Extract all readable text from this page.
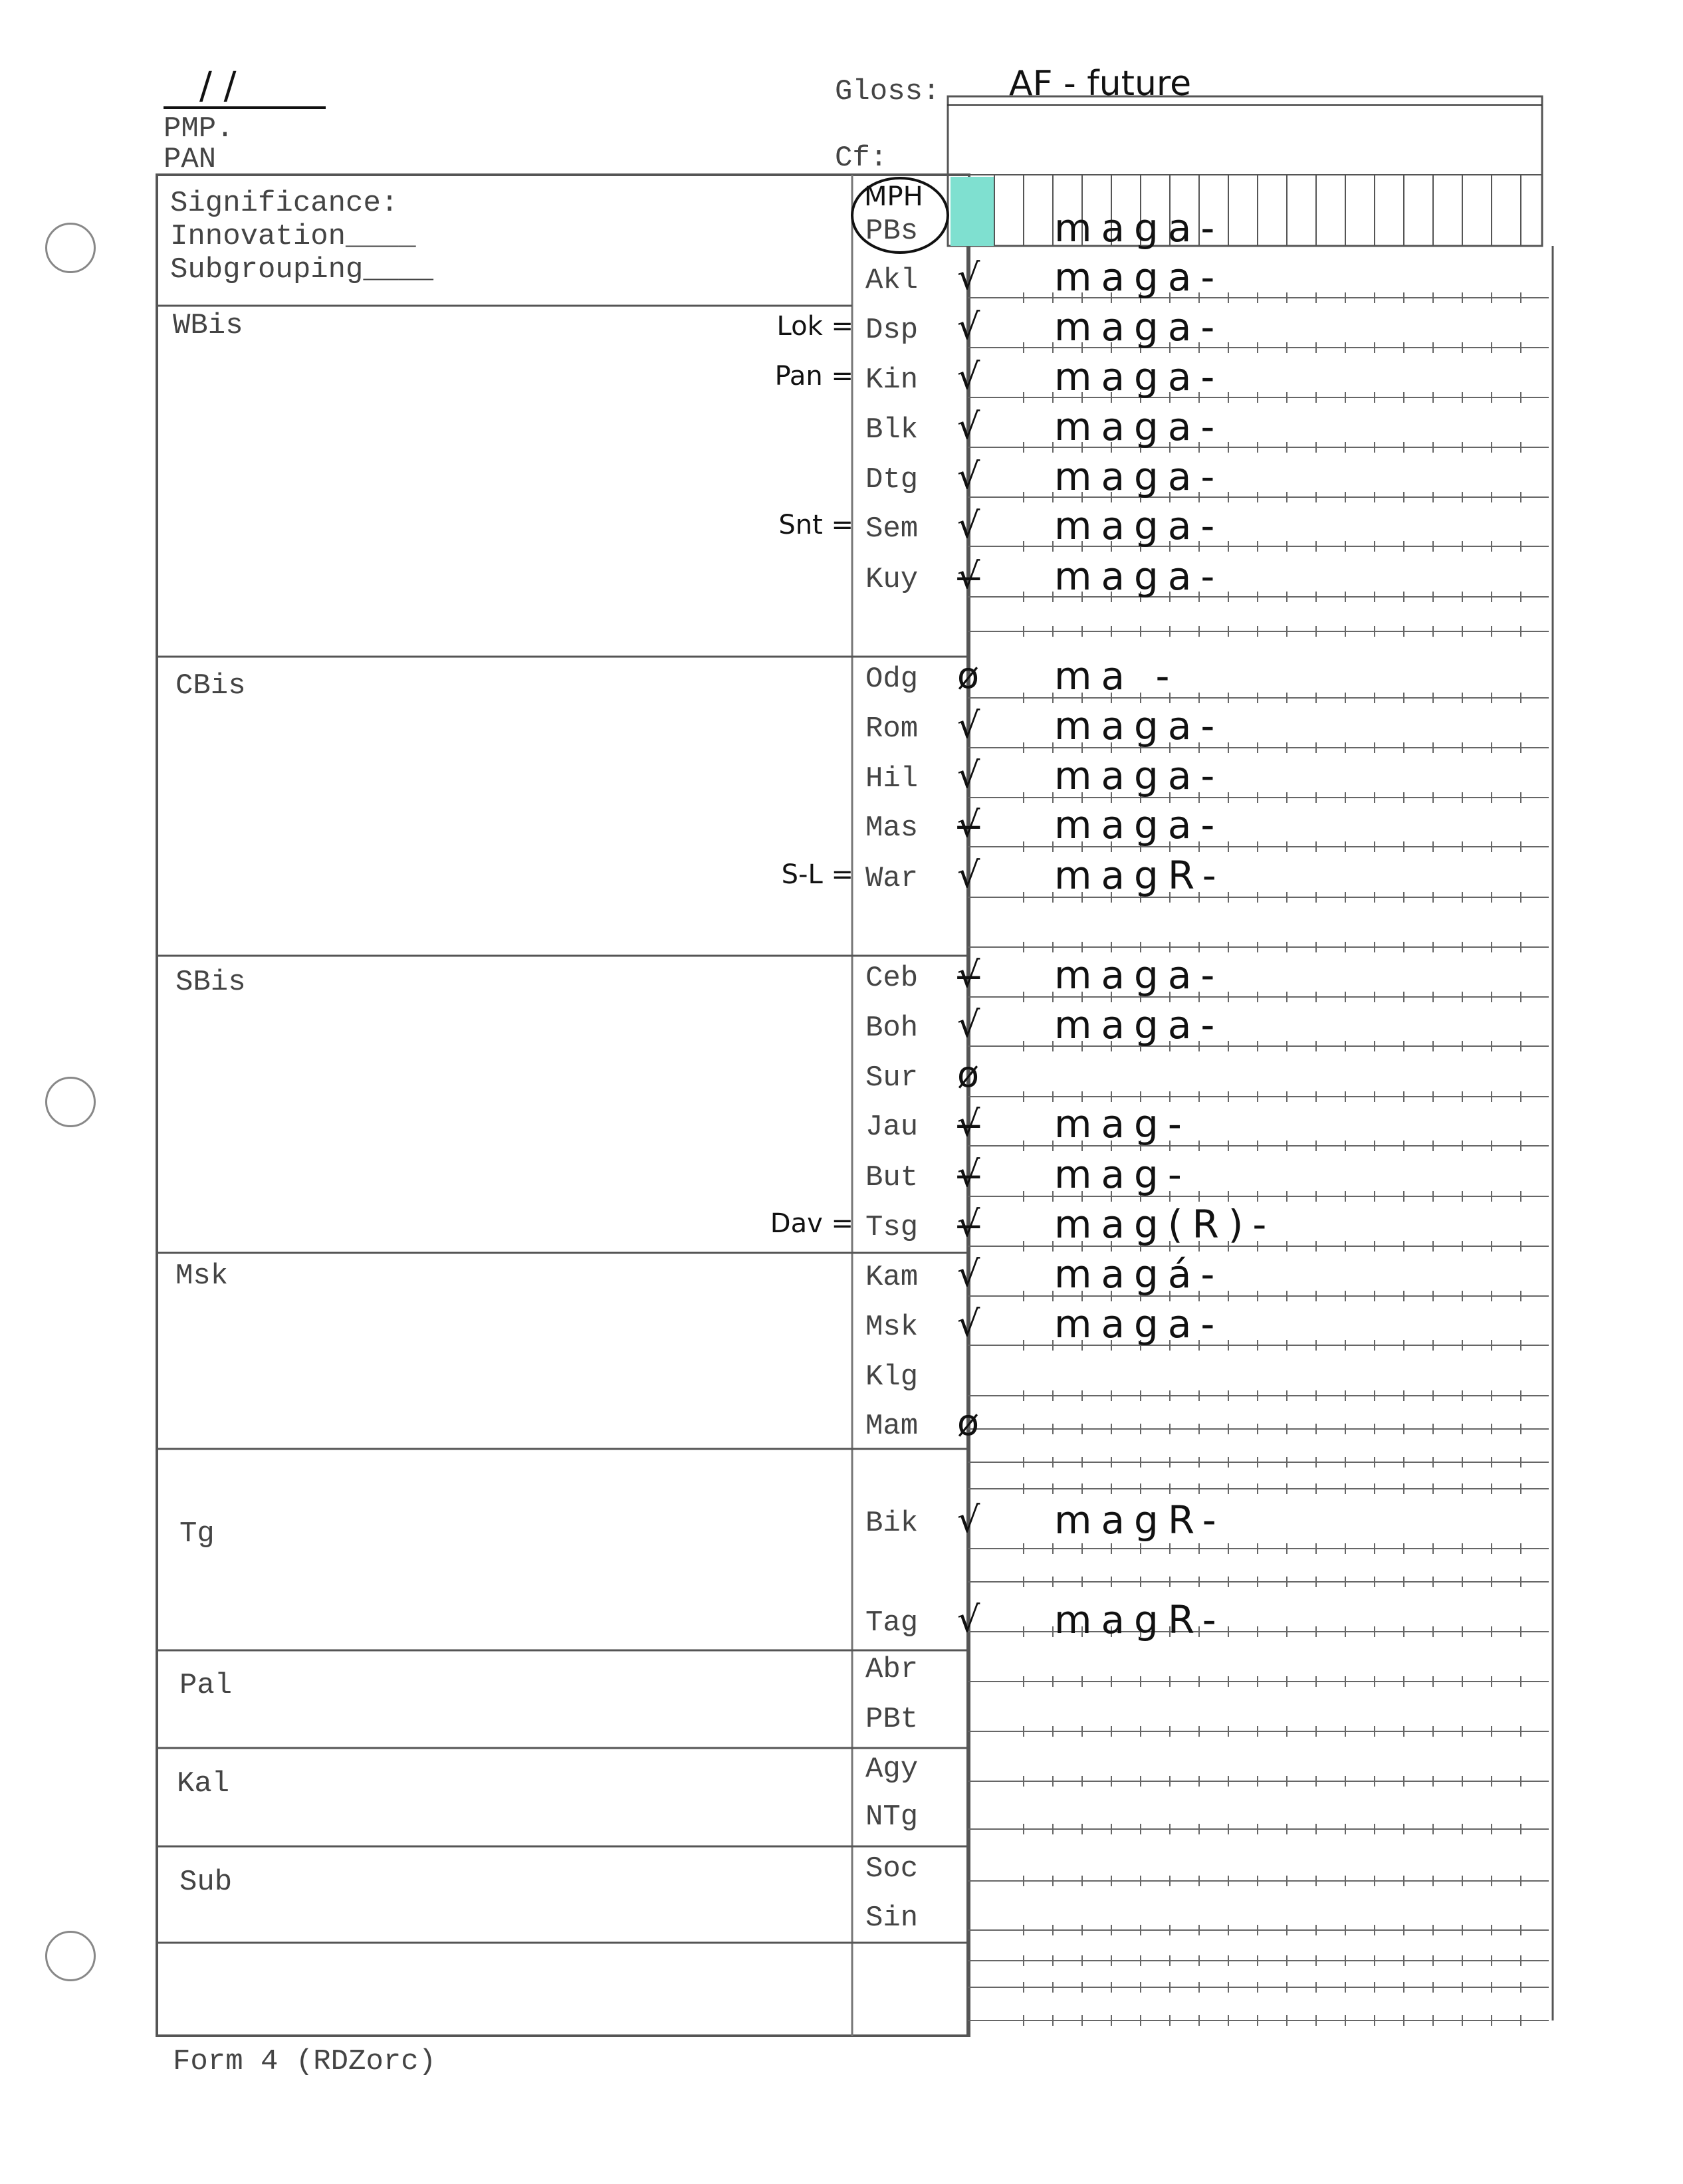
/ /
PMP.
PAN
Gloss: AF - future
Cf:
Significance:
Innovation____
Subgrouping____
WBis
CBis
SBis
Msk
Tg
Pal
Kal
Sub
MPH
PBs	maga-
Akl √ maga-
Lok = Dsp √ maga-
Pan = Kin √ maga-
Blk √ maga-
Dtg √ maga-
Snt = Sem √ maga-
Kuy √̶ maga-
Odg ø ma -
Rom √ maga-
Hil √ maga-
Mas √̶ maga-
S-L = War √ magR-
Ceb √̶ maga-
Boh √ maga-
Sur ø
Jau √̶ mag-
But √̶ mag-
Dav = Tsg √̶ mag(R)-
Kam √ magá-
Msk √ maga-
Klg
Mam ø
Bik √ magR-
Tag √ magR-
Abr
PBt
Agy
NTg
Soc
Sin
Form 4 (RDZorc)
